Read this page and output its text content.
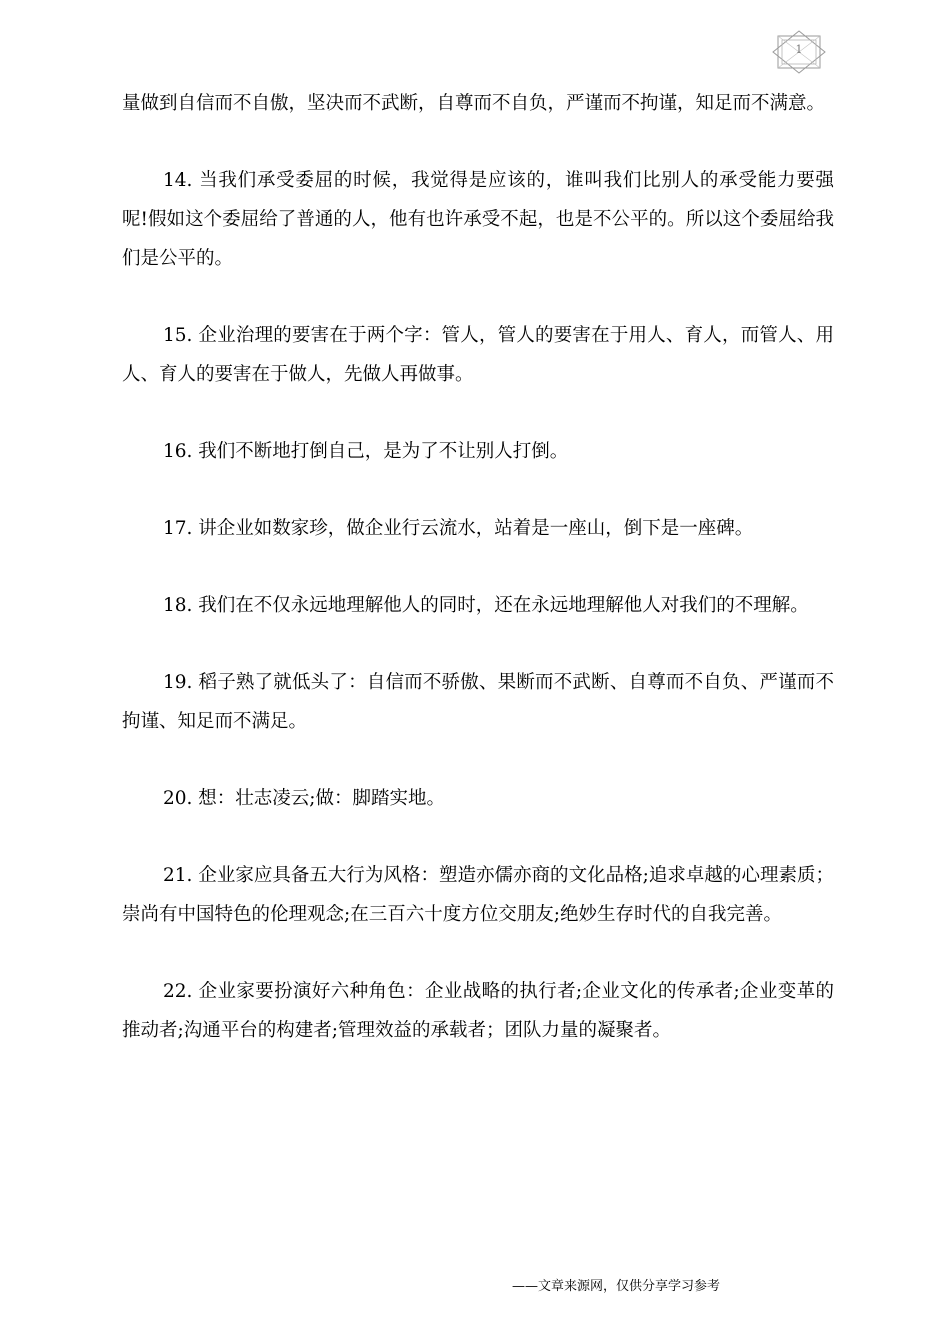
1

量做到自信而不自傲，坚决而不武断，自尊而不自负，严谨而不拘谨，知足而不满意。

14. 当我们承受委屈的时候，我觉得是应该的，谁叫我们比别人的承受能力要强呢!假如这个委屈给了普通的人，他有也许承受不起，也是不公平的。所以这个委屈给我们是公平的。

15. 企业治理的要害在于两个字：管人，管人的要害在于用人、育人，而管人、用人、育人的要害在于做人，先做人再做事。

16. 我们不断地打倒自己，是为了不让别人打倒。

17. 讲企业如数家珍，做企业行云流水，站着是一座山，倒下是一座碑。

18. 我们在不仅永远地理解他人的同时，还在永远地理解他人对我们的不理解。

19. 稻子熟了就低头了：自信而不骄傲、果断而不武断、自尊而不自负、严谨而不拘谨、知足而不满足。

20. 想：壮志凌云;做：脚踏实地。

21. 企业家应具备五大行为风格：塑造亦儒亦商的文化品格;追求卓越的心理素质；崇尚有中国特色的伦理观念;在三百六十度方位交朋友;绝妙生存时代的自我完善。

22. 企业家要扮演好六种角色：企业战略的执行者;企业文化的传承者;企业变革的推动者;沟通平台的构建者;管理效益的承载者；团队力量的凝聚者。

——文章来源网，仅供分享学习参考
